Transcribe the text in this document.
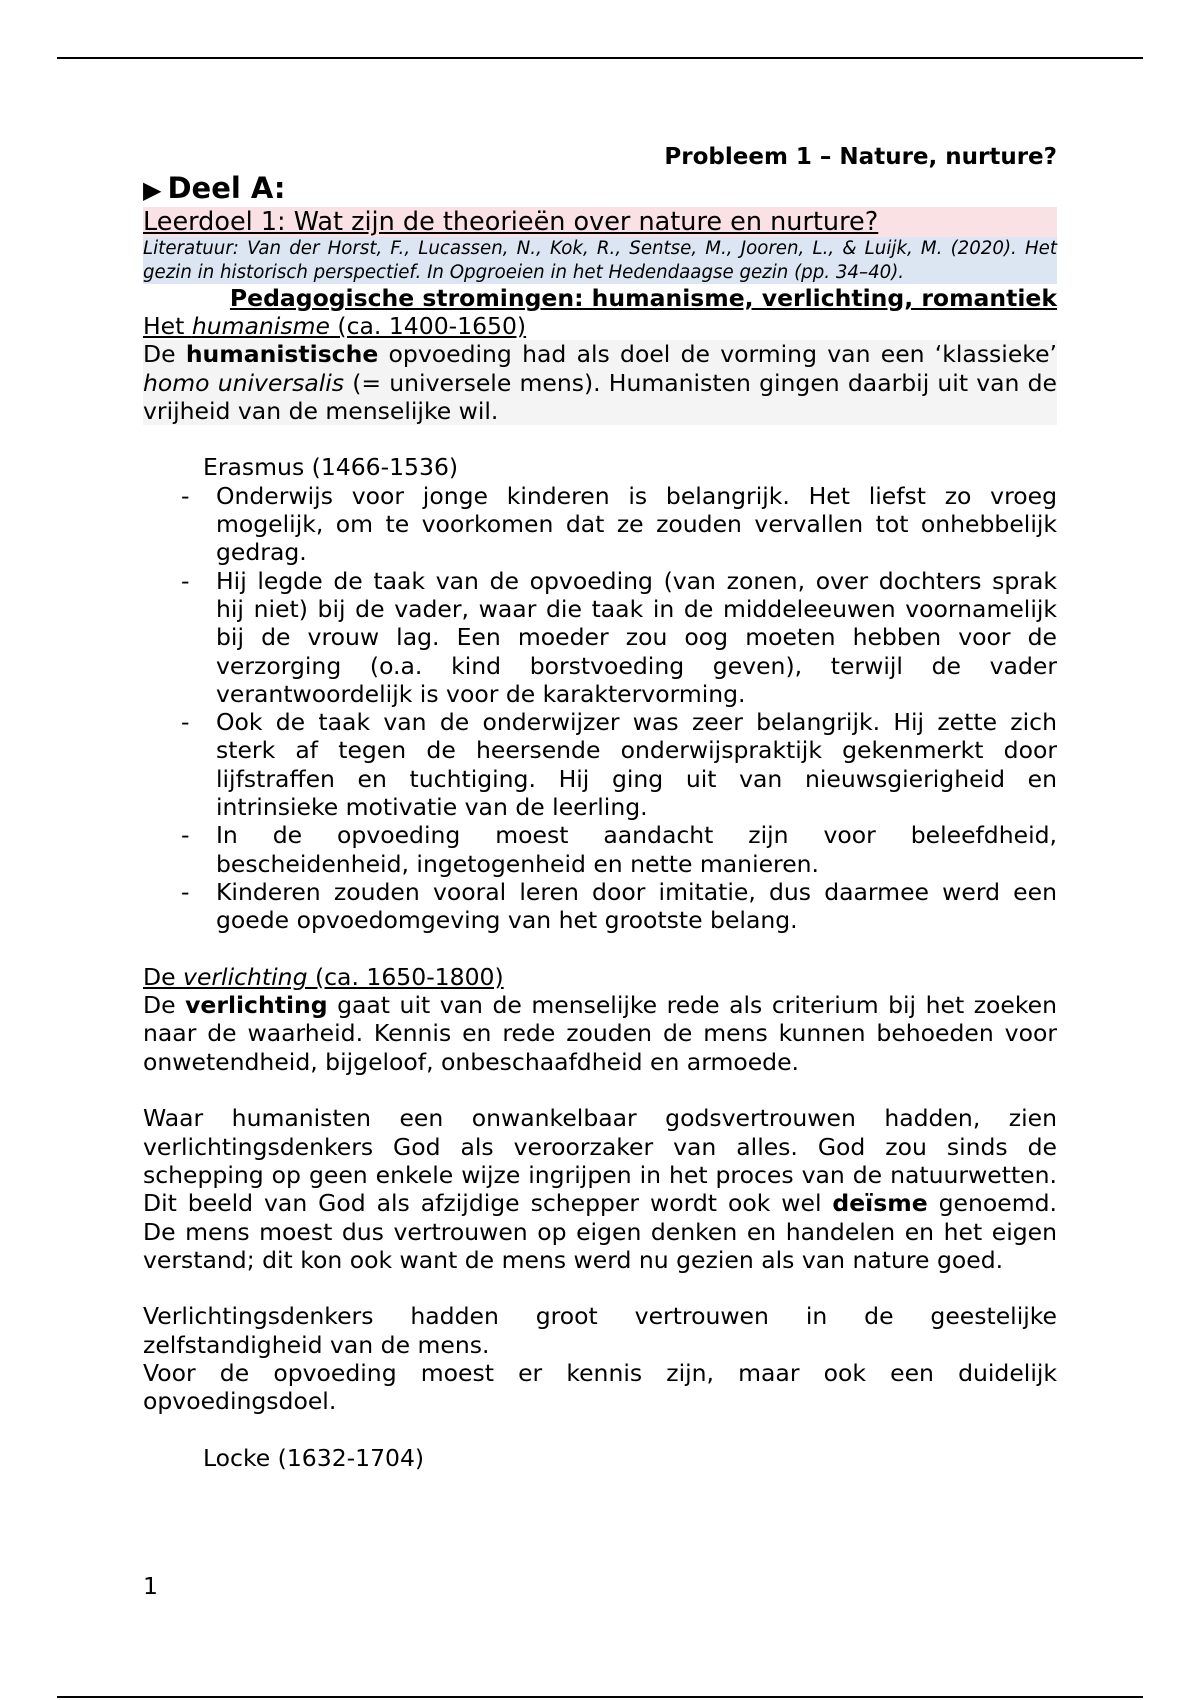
Probleem 1 – Nature, nurture?
▶ Deel A:
Leerdoel 1: Wat zijn de theorieën over nature en nurture?
Literatuur: Van der Horst, F., Lucassen, N., Kok, R., Sentse, M., Jooren, L., & Luijk, M. (2020). Het gezin in historisch perspectief. In Opgroeien in het Hedendaagse gezin (pp. 34–40).
Pedagogische stromingen: humanisme, verlichting, romantiek
Het humanisme (ca. 1400-1650)

De humanistische opvoeding had als doel de vorming van een ‘klassieke’ homo universalis (= universele mens). Humanisten gingen daarbij uit van de vrijheid van de menselijke wil.

Erasmus (1466-1536)
- Onderwijs voor jonge kinderen is belangrijk. Het liefst zo vroeg mogelijk, om te voorkomen dat ze zouden vervallen tot onhebbelijk gedrag.
- Hij legde de taak van de opvoeding (van zonen, over dochters sprak hij niet) bij de vader, waar die taak in de middeleeuwen voornamelijk bij de vrouw lag. Een moeder zou oog moeten hebben voor de verzorging (o.a. kind borstvoeding geven), terwijl de vader verantwoordelijk is voor de karaktervorming.
- Ook de taak van de onderwijzer was zeer belangrijk. Hij zette zich sterk af tegen de heersende onderwijspraktijk gekenmerkt door lijfstraffen en tuchtiging. Hij ging uit van nieuwsgierigheid en intrinsieke motivatie van de leerling.
- In de opvoeding moest aandacht zijn voor beleefdheid, bescheidenheid, ingetogenheid en nette manieren.
- Kinderen zouden vooral leren door imitatie, dus daarmee werd een goede opvoedomgeving van het grootste belang.
De verlichting (ca. 1650-1800)

De verlichting gaat uit van de menselijke rede als criterium bij het zoeken naar de waarheid. Kennis en rede zouden de mens kunnen behoeden voor onwetendheid, bijgeloof, onbeschaafdheid en armoede.

Waar humanisten een onwankelbaar godsvertrouwen hadden, zien verlichtingsdenkers God als veroorzaker van alles. God zou sinds de schepping op geen enkele wijze ingrijpen in het proces van de natuurwetten. Dit beeld van God als afzijdige schepper wordt ook wel deïsme genoemd. De mens moest dus vertrouwen op eigen denken en handelen en het eigen verstand; dit kon ook want de mens werd nu gezien als van nature goed.

Verlichtingsdenkers hadden groot vertrouwen in de geestelijke zelfstandigheid van de mens.

Voor de opvoeding moest er kennis zijn, maar ook een duidelijk opvoedingsdoel.

Locke (1632-1704)
1
